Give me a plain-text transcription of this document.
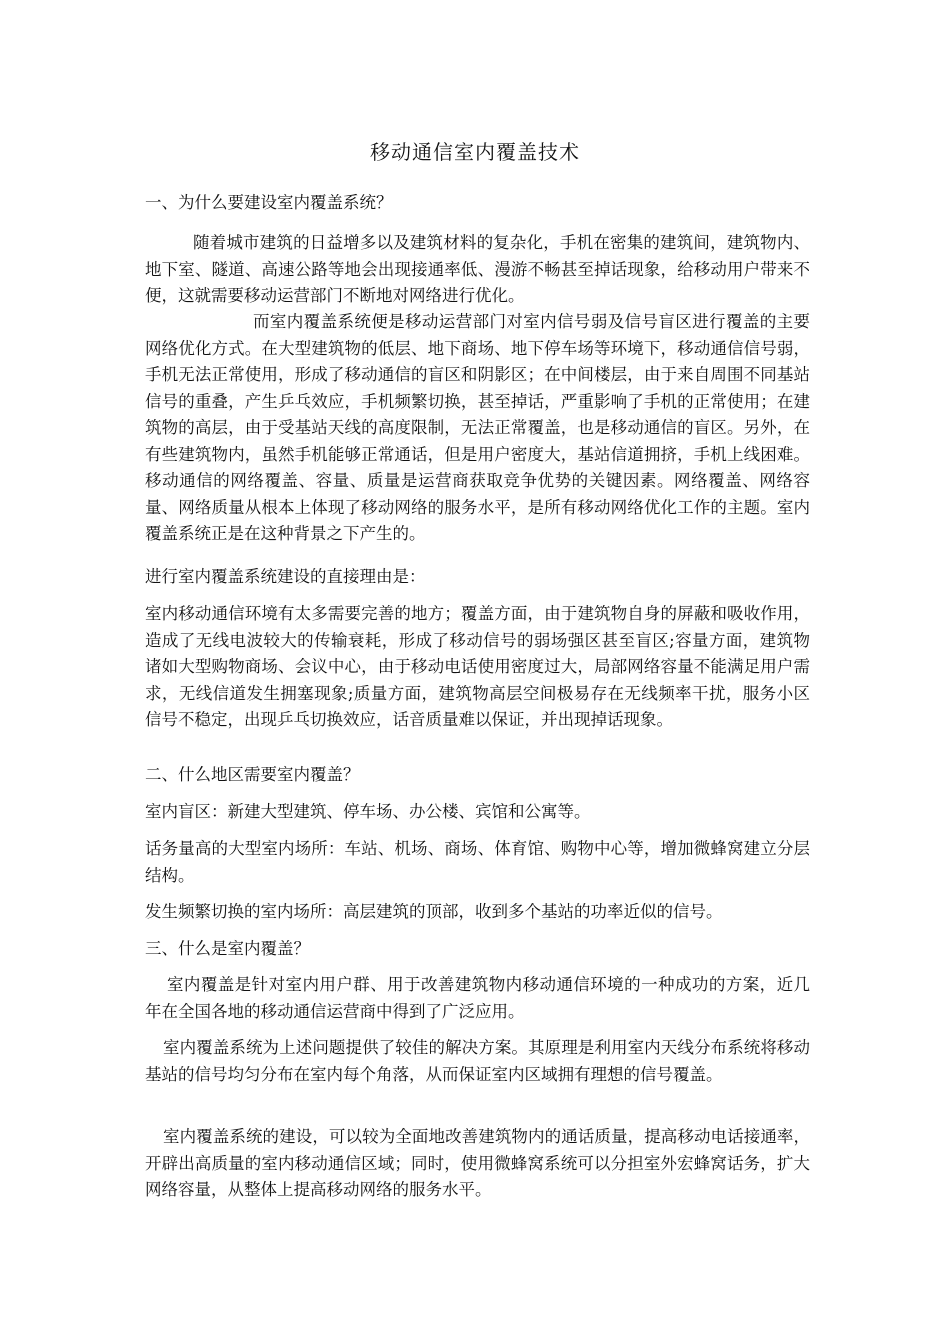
移动通信室内覆盖技术

一、为什么要建设室内覆盖系统？

随着城市建筑的日益增多以及建筑材料的复杂化，手机在密集的建筑间，建筑物内、地下室、隧道、高速公路等地会出现接通率低、漫游不畅甚至掉话现象，给移动用户带来不便，这就需要移动运营部门不断地对网络进行优化。

而室内覆盖系统便是移动运营部门对室内信号弱及信号盲区进行覆盖的主要网络优化方式。在大型建筑物的低层、地下商场、地下停车场等环境下，移动通信信号弱，手机无法正常使用，形成了移动通信的盲区和阴影区；在中间楼层，由于来自周围不同基站信号的重叠，产生乒乓效应，手机频繁切换，甚至掉话，严重影响了手机的正常使用；在建筑物的高层，由于受基站天线的高度限制，无法正常覆盖，也是移动通信的盲区。另外，在有些建筑物内，虽然手机能够正常通话，但是用户密度大，基站信道拥挤，手机上线困难。移动通信的网络覆盖、容量、质量是运营商获取竞争优势的关键因素。网络覆盖、网络容量、网络质量从根本上体现了移动网络的服务水平，是所有移动网络优化工作的主题。室内覆盖系统正是在这种背景之下产生的。

进行室内覆盖系统建设的直接理由是：

室内移动通信环境有太多需要完善的地方；覆盖方面，由于建筑物自身的屏蔽和吸收作用，造成了无线电波较大的传输衰耗，形成了移动信号的弱场强区甚至盲区;容量方面，建筑物诸如大型购物商场、会议中心，由于移动电话使用密度过大，局部网络容量不能满足用户需求，无线信道发生拥塞现象;质量方面，建筑物高层空间极易存在无线频率干扰，服务小区信号不稳定，出现乒乓切换效应，话音质量难以保证，并出现掉话现象。

二、什么地区需要室内覆盖？

室内盲区：新建大型建筑、停车场、办公楼、宾馆和公寓等。

话务量高的大型室内场所：车站、机场、商场、体育馆、购物中心等，增加微蜂窝建立分层结构。

发生频繁切换的室内场所：高层建筑的顶部，收到多个基站的功率近似的信号。

三、什么是室内覆盖？

室内覆盖是针对室内用户群、用于改善建筑物内移动通信环境的一种成功的方案，近几年在全国各地的移动通信运营商中得到了广泛应用。

室内覆盖系统为上述问题提供了较佳的解决方案。其原理是利用室内天线分布系统将移动基站的信号均匀分布在室内每个角落，从而保证室内区域拥有理想的信号覆盖。

室内覆盖系统的建设，可以较为全面地改善建筑物内的通话质量，提高移动电话接通率，开辟出高质量的室内移动通信区域；同时，使用微蜂窝系统可以分担室外宏蜂窝话务，扩大网络容量，从整体上提高移动网络的服务水平。
